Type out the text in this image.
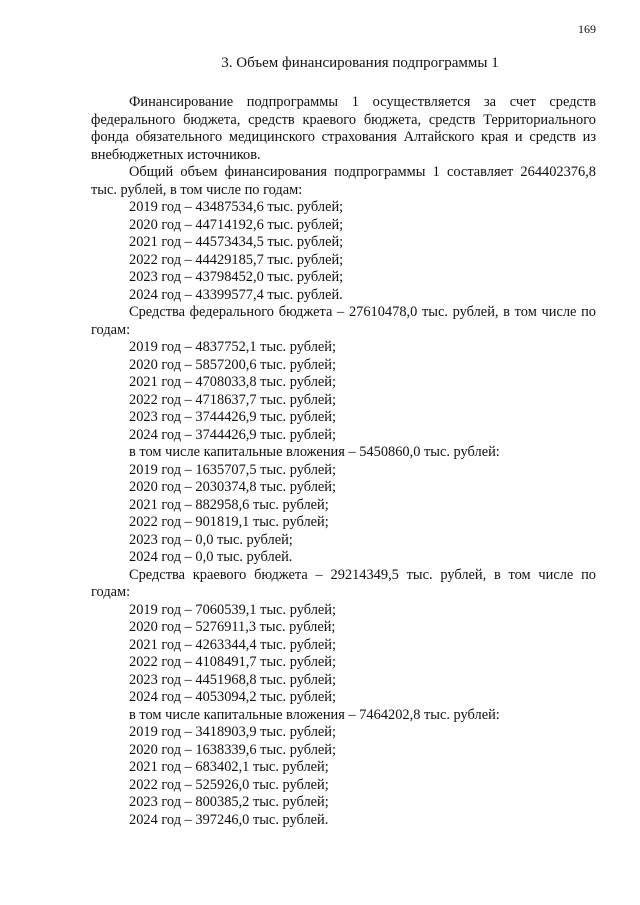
169
3. Объем финансирования подпрограммы 1

Финансирование подпрограммы 1 осуществляется за счет средств федерального бюджета, средств краевого бюджета, средств Территориального фонда обязательного медицинского страхования Алтайского края и средств из внебюджетных источников.

Общий объем финансирования подпрограммы 1 составляет 264402376,8 тыс. рублей, в том числе по годам:

2019 год – 43487534,6 тыс. рублей;
2020 год – 44714192,6 тыс. рублей;
2021 год – 44573434,5 тыс. рублей;
2022 год – 44429185,7 тыс. рублей;
2023 год – 43798452,0 тыс. рублей;
2024 год – 43399577,4 тыс. рублей.

Средства федерального бюджета – 27610478,0 тыс. рублей, в том числе по годам:

2019 год – 4837752,1 тыс. рублей;
2020 год – 5857200,6 тыс. рублей;
2021 год – 4708033,8 тыс. рублей;
2022 год – 4718637,7 тыс. рублей;
2023 год – 3744426,9 тыс. рублей;
2024 год – 3744426,9 тыс. рублей;

в том числе капитальные вложения – 5450860,0 тыс. рублей:

2019 год – 1635707,5 тыс. рублей;
2020 год – 2030374,8 тыс. рублей;
2021 год – 882958,6 тыс. рублей;
2022 год – 901819,1 тыс. рублей;
2023 год – 0,0 тыс. рублей;
2024 год – 0,0 тыс. рублей.

Средства краевого бюджета – 29214349,5 тыс. рублей, в том числе по годам:

2019 год – 7060539,1 тыс. рублей;
2020 год – 5276911,3 тыс. рублей;
2021 год – 4263344,4 тыс. рублей;
2022 год – 4108491,7 тыс. рублей;
2023 год – 4451968,8 тыс. рублей;
2024 год – 4053094,2 тыс. рублей;

в том числе капитальные вложения – 7464202,8 тыс. рублей:

2019 год – 3418903,9 тыс. рублей;
2020 год – 1638339,6 тыс. рублей;
2021 год – 683402,1 тыс. рублей;
2022 год – 525926,0 тыс. рублей;
2023 год – 800385,2 тыс. рублей;
2024 год – 397246,0 тыс. рублей.
